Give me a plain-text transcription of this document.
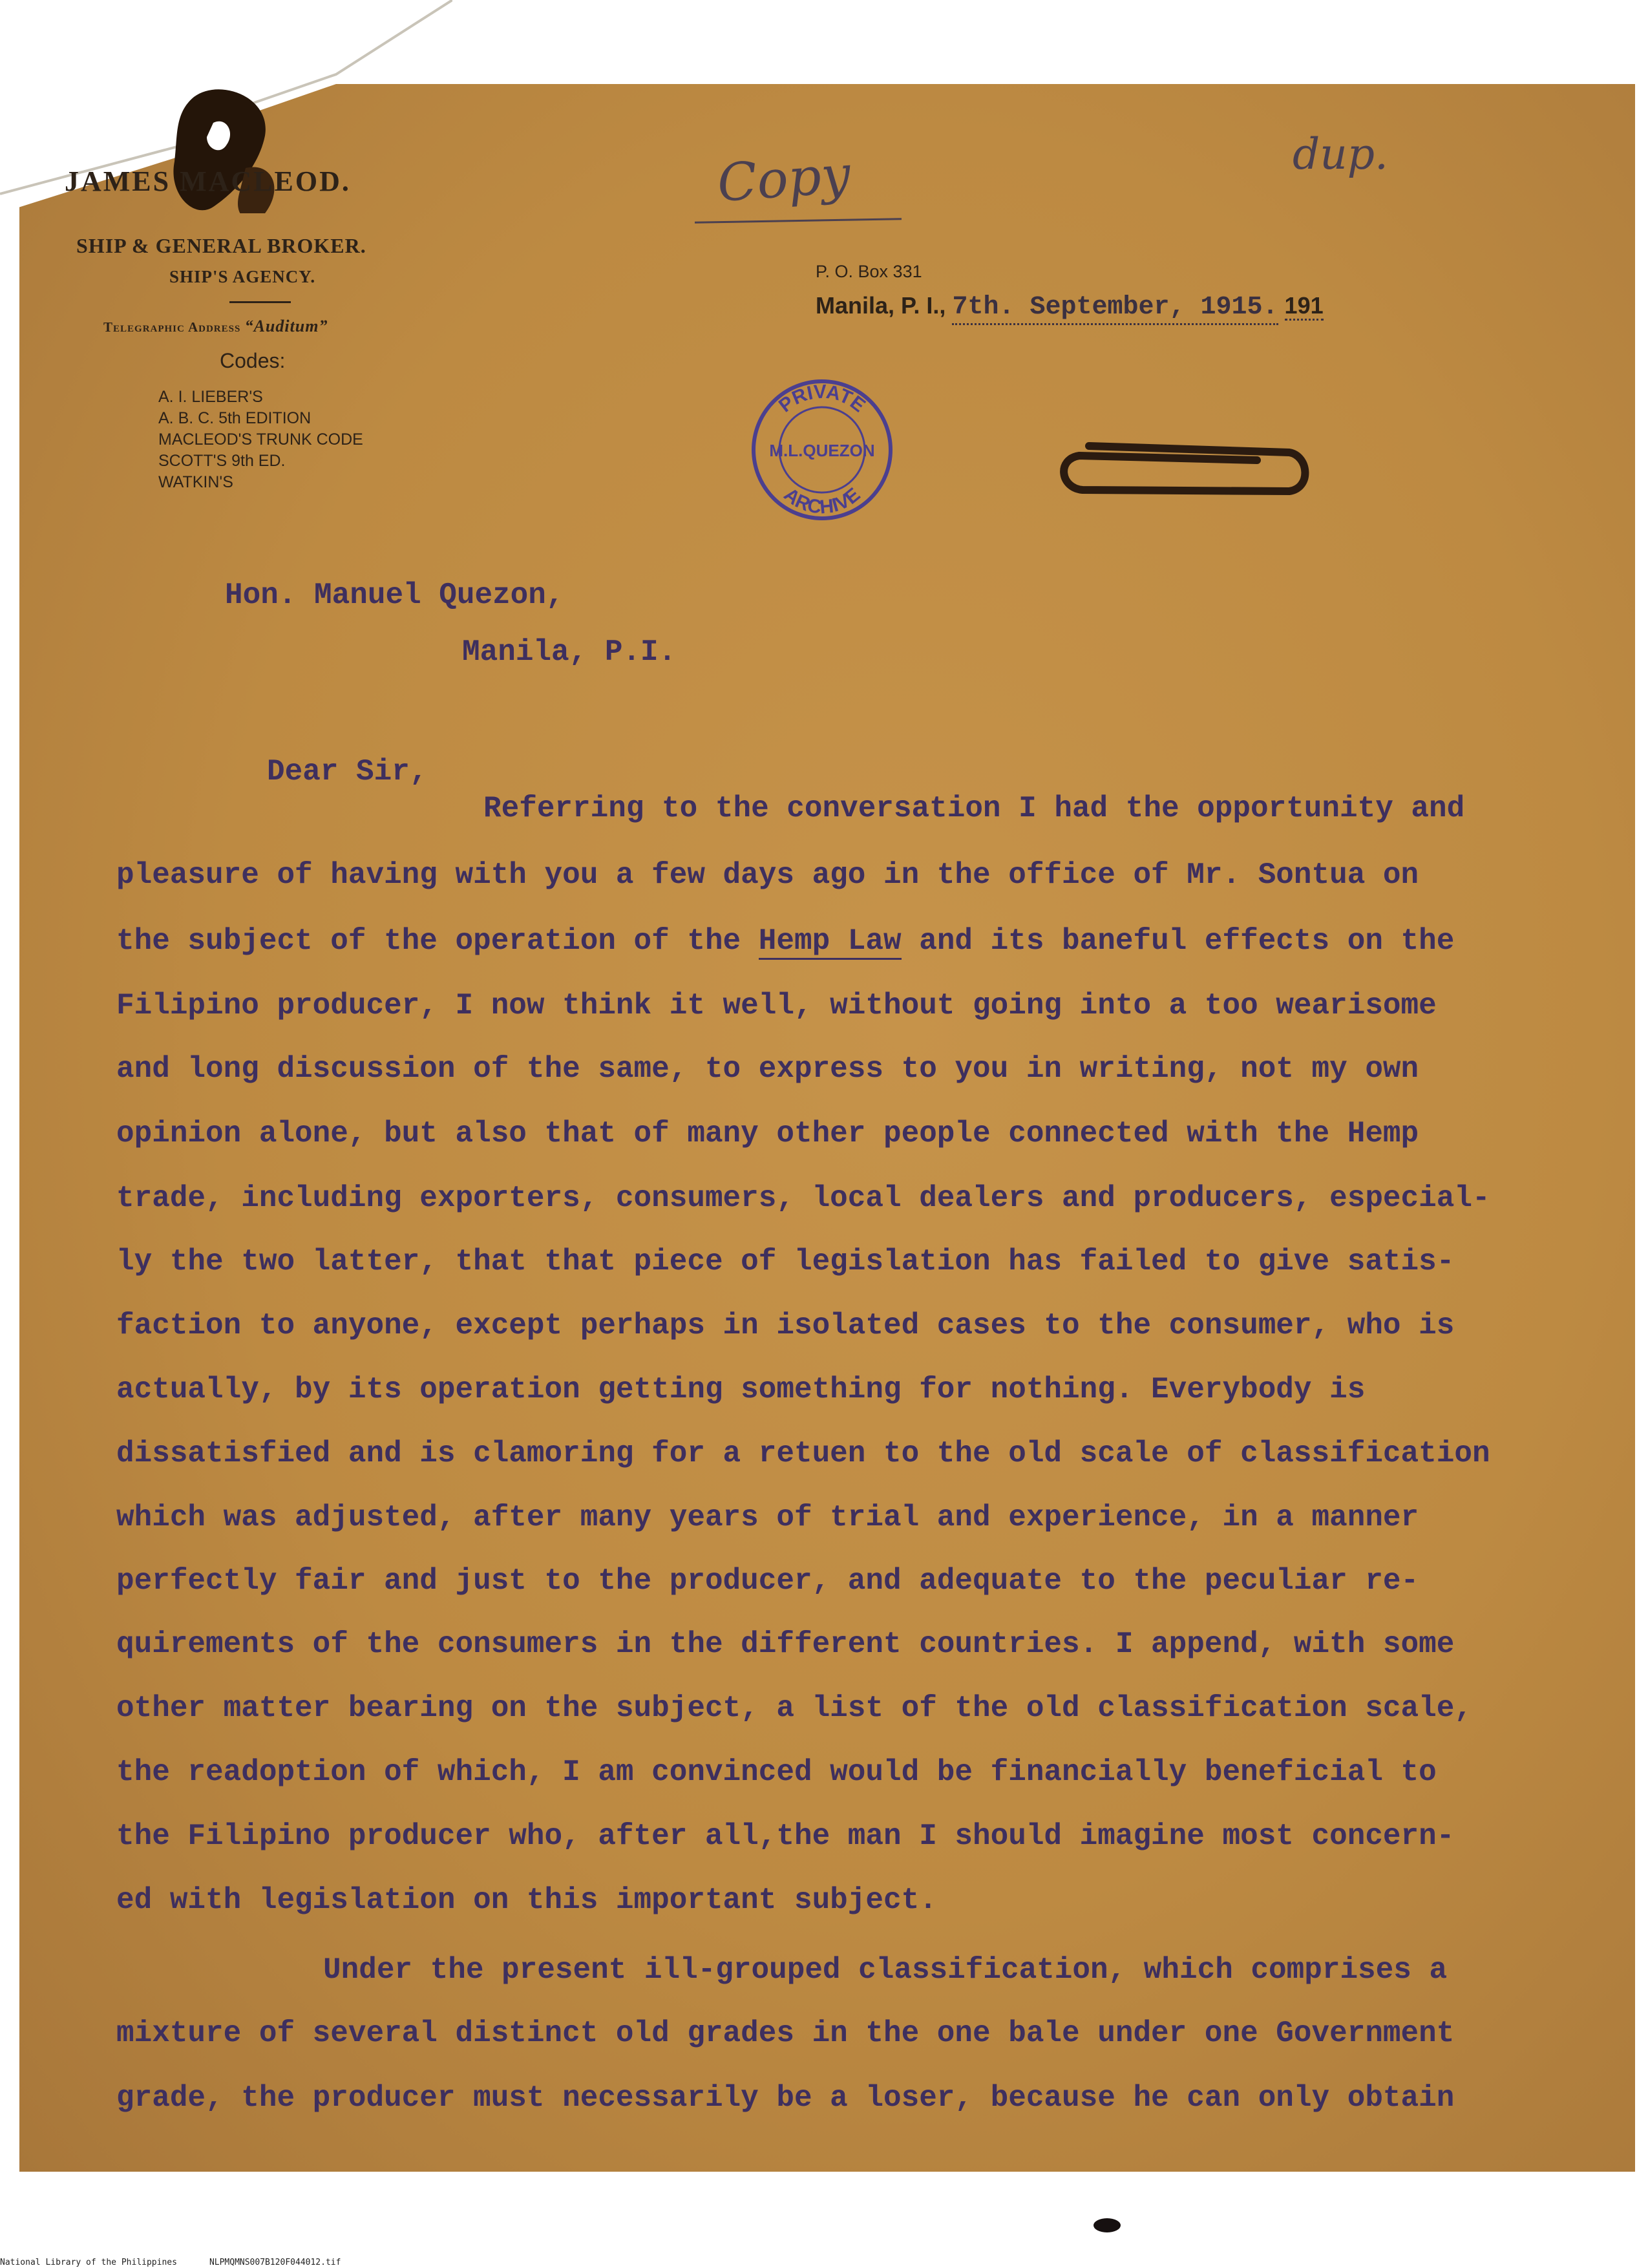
JAMES MACLEOD.
SHIP & GENERAL BROKER.
SHIP'S AGENCY.
Telegraphic Address “Auditum”
Codes:
A. I. LIEBER'S
A. B. C. 5th EDITION
MACLEOD'S TRUNK CODE
SCOTT'S 9th ED.
WATKIN'S
Copy	dup.
P. O. Box 331
Manila, P. I., 7th. September, 1915. 191
PRIVATE
M.L.QUEZON
ARCHIVE
Hon. Manuel Quezon,
Manila, P.I.
Dear Sir,
Referring to the conversation I had the opportunity and
pleasure of having with you a few days ago in the office of Mr. Sontua on
the subject of the operation of the Hemp Law and its baneful effects on the
Filipino producer, I now think it well, without going into a too wearisome
and long discussion of the same, to express to you in writing, not my own
opinion alone, but also that of many other people connected with the Hemp
trade, including exporters, consumers, local dealers and producers, especial-
ly the two latter, that that piece of legislation has failed to give satis-
faction to anyone, except perhaps in isolated cases to the consumer, who is
actually, by its operation getting something for nothing. Everybody is
dissatisfied and is clamoring for a retuen to the old scale of classification
which was adjusted, after many years of trial and experience, in a manner
perfectly fair and just to the producer, and adequate to the peculiar re-
quirements of the consumers in the different countries. I append, with some
other matter bearing on the subject, a list of the old classification scale,
the readoption of which, I am convinced would be financially beneficial to
the Filipino producer who, after all,the man I should imagine most concern-
ed with legislation on this important subject.
Under the present ill-grouped classification, which comprises a
mixture of several distinct old grades in the one bale under one Government
grade, the producer must necessarily be a loser, because he can only obtain
National Library of the Philippines	NLPMQMNS007B120F044012.tif
